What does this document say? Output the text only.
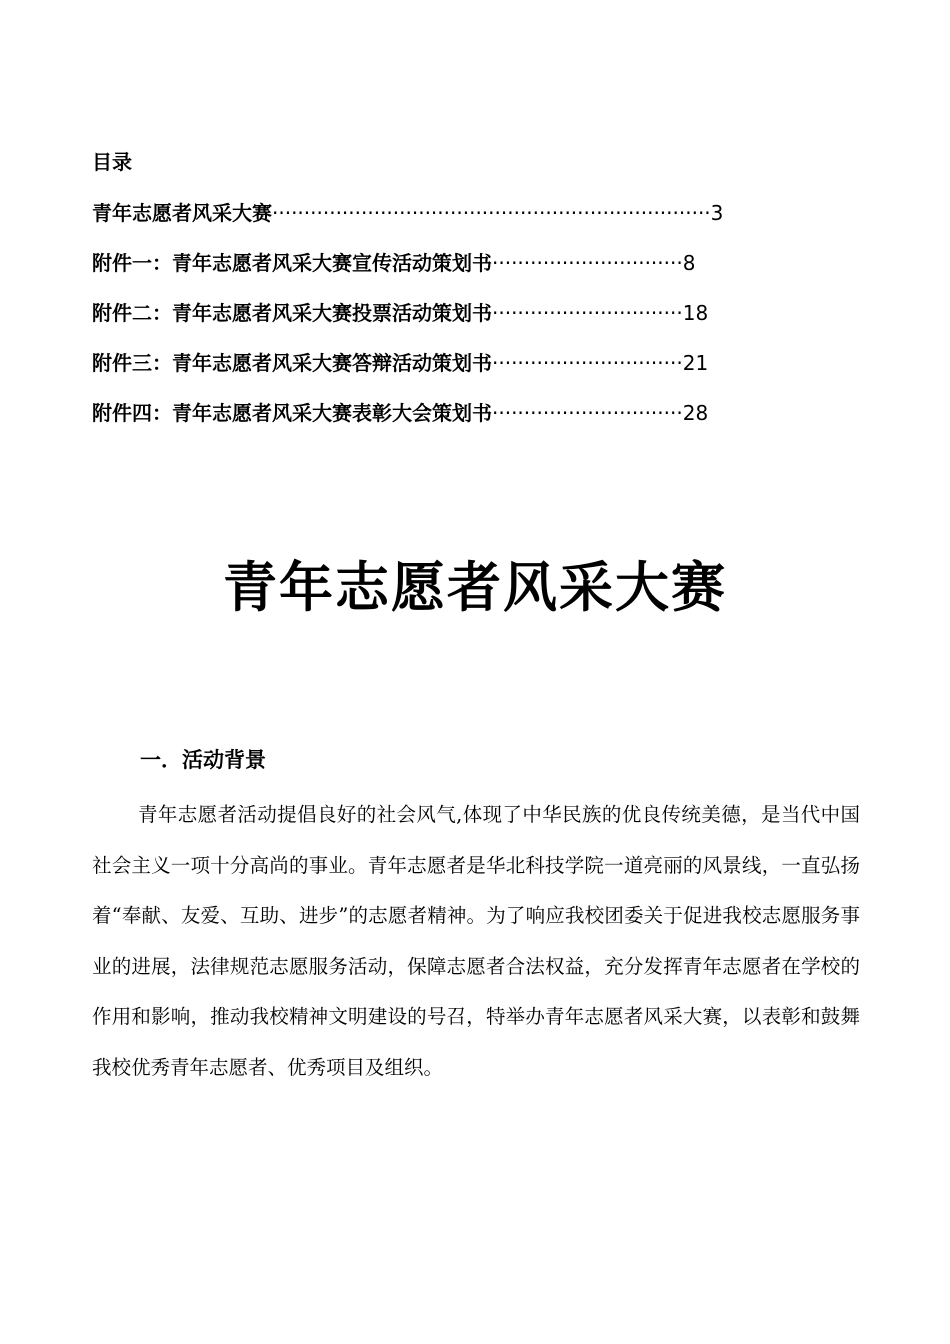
目录
青年志愿者风采大赛·····································································3
附件一：青年志愿者风采大赛宣传活动策划书······························8
附件二：青年志愿者风采大赛投票活动策划书······························18
附件三：青年志愿者风采大赛答辩活动策划书······························21
附件四：青年志愿者风采大赛表彰大会策划书······························28
青年志愿者风采大赛
一．活动背景

青年志愿者活动提倡良好的社会风气,体现了中华民族的优良传统美德，是当代中国社会主义一项十分高尚的事业。青年志愿者是华北科技学院一道亮丽的风景线，一直弘扬着“奉献、友爱、互助、进步”的志愿者精神。为了响应我校团委关于促进我校志愿服务事业的进展，法律规范志愿服务活动，保障志愿者合法权益，充分发挥青年志愿者在学校的作用和影响，推动我校精神文明建设的号召，特举办青年志愿者风采大赛，以表彰和鼓舞我校优秀青年志愿者、优秀项目及组织。
